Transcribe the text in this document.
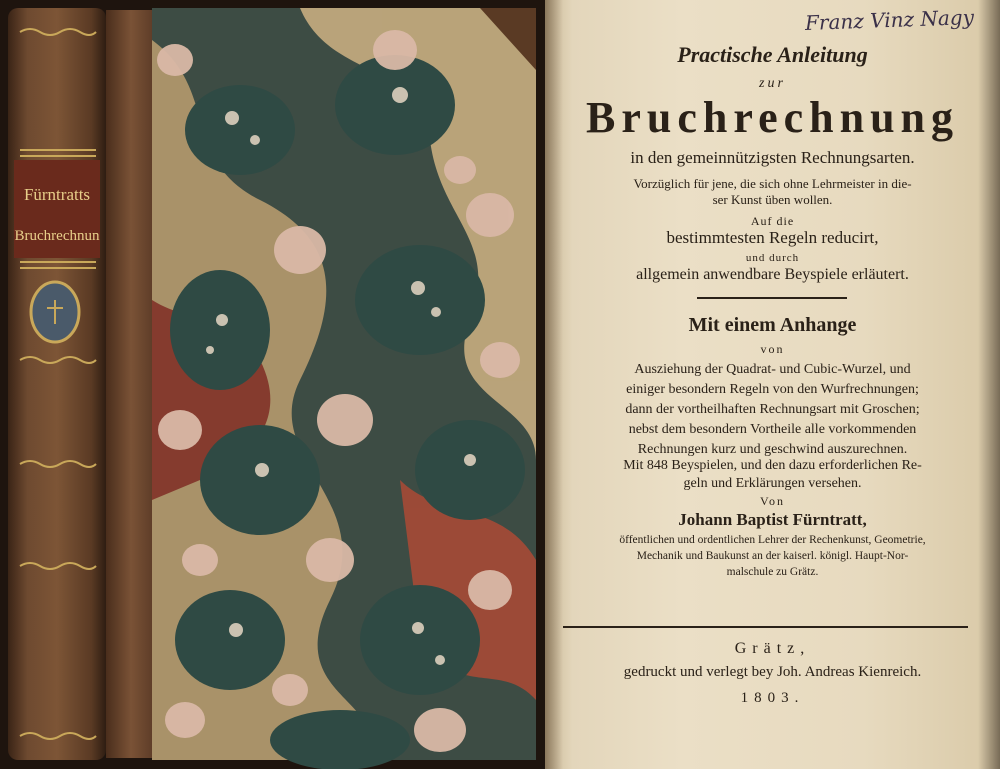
Fürntratts
Bruchrechnun
Franz Vinz Nagy
Practische Anleitung
zur
Bruchrechnung
in den gemeinnützigsten Rechnungsarten.
Vorzüglich für jene, die sich ohne Lehrmeister in die-
ser Kunst üben wollen.
Auf die
bestimmtesten Regeln reducirt,
und durch
allgemein anwendbare Beyspiele erläutert.
Mit einem Anhange
von
Ausziehung der Quadrat- und Cubic-Wurzel, und
einiger besondern Regeln von den Wurfrechnungen;
dann der vortheilhaften Rechnungsart mit Groschen;
nebst dem besondern Vortheile alle vorkommenden
Rechnungen kurz und geschwind auszurechnen.
Mit 848 Beyspielen, und den dazu erforderlichen Re-
geln und Erklärungen versehen.
Von
Johann Baptist Fürntratt,
öffentlichen und ordentlichen Lehrer der Rechenkunst, Geometrie,
Mechanik und Baukunst an der kaiserl. königl. Haupt-Nor-
malschule zu Grätz.
Grätz,
gedruckt und verlegt bey Joh. Andreas Kienreich.
1803.
